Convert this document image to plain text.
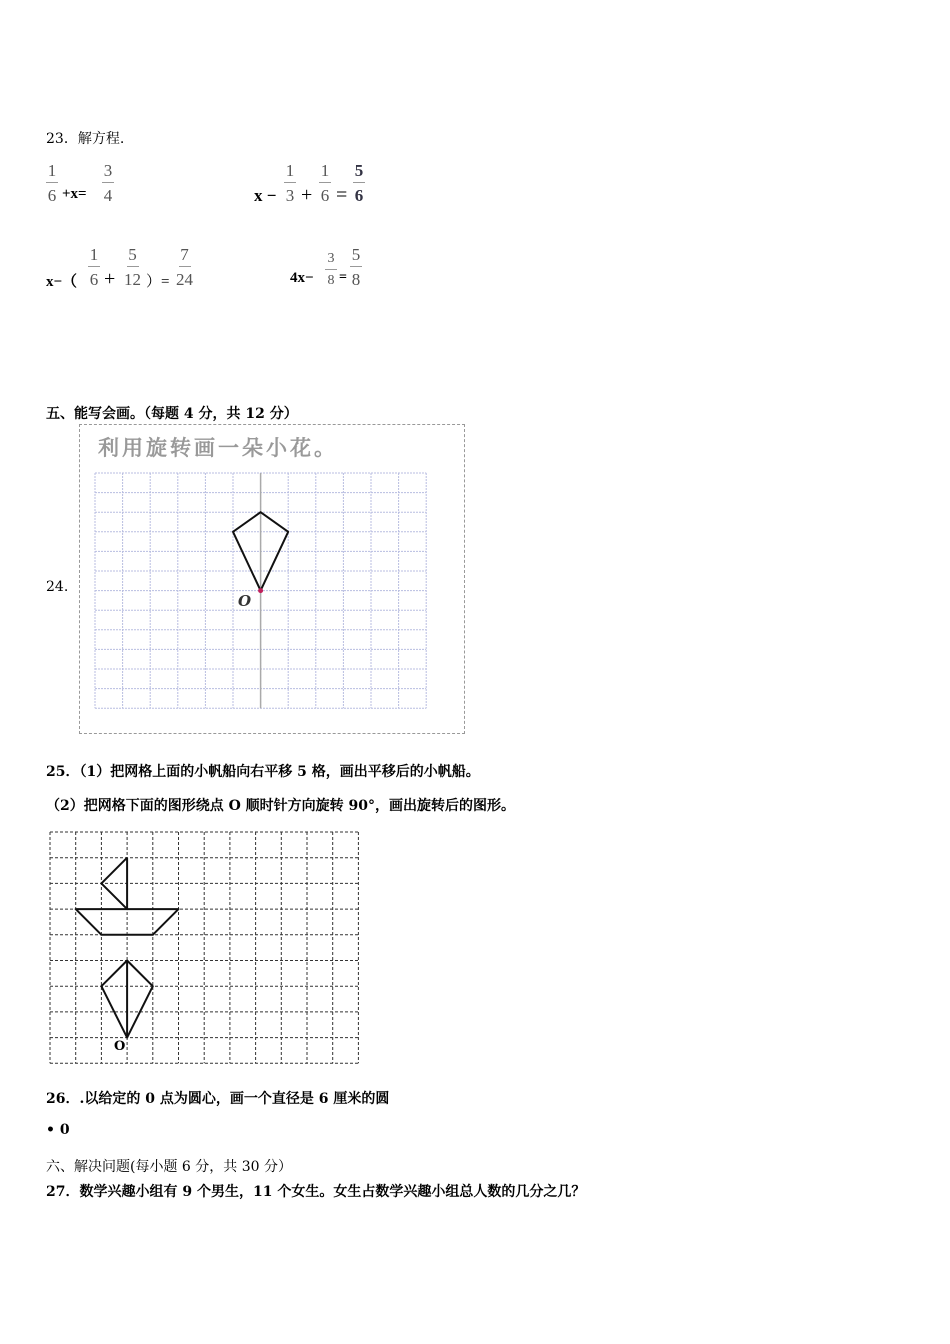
23．解方程.
$\frac{1}{6} +x= \frac{3}{4}$	$x - \frac{1}{3} + \frac{1}{6} = \frac{5}{6}$
$x-( \frac{1}{6} + \frac{5}{12}$ ）= $\frac{7}{24}$	$4x- \frac{3}{8} = \frac{5}{8}$
五、能写会画。（每题 4 分，共 12 分）
24.
利用旋转画一朵小花。
O
25．（1）把网格上面的小帆船向右平移 5 格，画出平移后的小帆船。
（2）把网格下面的图形绕点 O 顺时针方向旋转 90°，画出旋转后的图形。
O
26．.以给定的 0 点为圆心，画一个直径是 6 厘米的圆
• 0
六、解决问题(每小题 6 分，共 30 分）
27．数学兴趣小组有 9 个男生，11 个女生。女生占数学兴趣小组总人数的几分之几？
